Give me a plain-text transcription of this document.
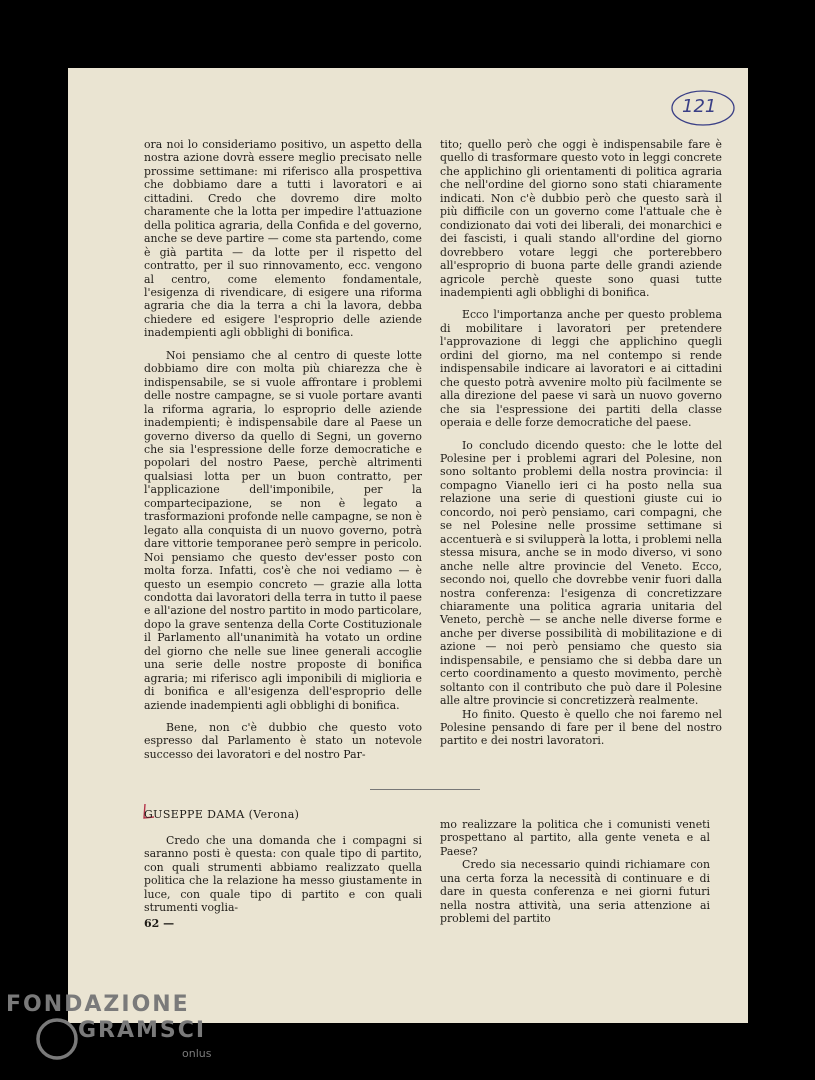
121

ora noi lo consideriamo positivo, un aspetto della nostra azione dovrà essere meglio precisato nelle prossime settimane: mi riferisco alla prospettiva che dobbiamo dare a tutti i lavoratori e ai cittadini. Credo che dovremo dire molto charamente che la lotta per impedire l'attuazione della politica agraria, della Confida e del governo, anche se deve partire — come sta partendo, come è già partita — da lotte per il rispetto del contratto, per il suo rinnovamento, ecc. vengono al centro, come elemento fondamentale, l'esigenza di rivendicare, di esigere una riforma agraria che dia la terra a chi la lavora, debba chiedere ed esigere l'esproprio delle aziende inadempienti agli obblighi di bonifica.

Noi pensiamo che al centro di queste lotte dobbiamo dire con molta più chiarezza che è indispensabile, se si vuole affrontare i problemi delle nostre campagne, se si vuole portare avanti la riforma agraria, lo esproprio delle aziende inadempienti; è indispensabile dare al Paese un governo diverso da quello di Segni, un governo che sia l'espressione delle forze democratiche e popolari del nostro Paese, perchè altrimenti qualsiasi lotta per un buon contratto, per l'applicazione dell'imponibile, per la compartecipazione, se non è legato a trasformazioni profonde nelle campagne, se non è legato alla conquista di un nuovo governo, potrà dare vittorie temporanee però sempre in pericolo. Noi pensiamo che questo dev'esser posto con molta forza. Infatti, cos'è che noi vediamo — è questo un esempio concreto — grazie alla lotta condotta dai lavoratori della terra in tutto il paese e all'azione del nostro partito in modo particolare, dopo la grave sentenza della Corte Costituzionale il Parlamento all'unanimità ha votato un ordine del giorno che nelle sue linee generali accoglie una serie delle nostre proposte di bonifica agraria; mi riferisco agli imponibili di miglioria e di bonifica e all'esigenza dell'esproprio delle aziende inadempienti agli obblighi di bonifica.

Bene, non c'è dubbio che questo voto espresso dal Parlamento è stato un notevole successo dei lavoratori e del nostro Par-

tito; quello però che oggi è indispensabile fare è quello di trasformare questo voto in leggi concrete che applichino gli orientamenti di politica agraria che nell'ordine del giorno sono stati chiaramente indicati. Non c'è dubbio però che questo sarà il più difficile con un governo come l'attuale che è condizionato dai voti dei liberali, dei monarchici e dei fascisti, i quali stando all'ordine del giorno dovrebbero votare leggi che porterebbero all'esproprio di buona parte delle grandi aziende agricole perchè queste sono quasi tutte inadempienti agli obblighi di bonifica.

Ecco l'importanza anche per questo problema di mobilitare i lavoratori per pretendere l'approvazione di leggi che applichino quegli ordini del giorno, ma nel contempo si rende indispensabile indicare ai lavoratori e ai cittadini che questo potrà avvenire molto più facilmente se alla direzione del paese vi sarà un nuovo governo che sia l'espressione dei partiti della classe operaia e delle forze democratiche del paese.

Io concludo dicendo questo: che le lotte del Polesine per i problemi agrari del Polesine, non sono soltanto problemi della nostra provincia: il compagno Vianello ieri ci ha posto nella sua relazione una serie di questioni giuste cui io concordo, noi però pensiamo, cari compagni, che se nel Polesine nelle prossime settimane si accentuerà e si svilupperà la lotta, i problemi nella stessa misura, anche se in modo diverso, vi sono anche nelle altre provincie del Veneto. Ecco, secondo noi, quello che dovrebbe venir fuori dalla nostra conferenza: l'esigenza di concretizzare chiaramente una politica agraria unitaria del Veneto, perchè — se anche nelle diverse forme e anche per diverse possibilità di mobilitazione e di azione — noi però pensiamo che questo sia indispensabile, e pensiamo che si debba dare un certo coordinamento a questo movimento, perchè soltanto con il contributo che può dare il Polesine alle altre provincie si concretizzerà realmente.

Ho finito. Questo è quello che noi faremo nel Polesine pensando di fare per il bene del nostro partito e dei nostri lavoratori.

GUSEPPE DAMA (Verona)

Credo che una domanda che i compagni si saranno posti è questa: con quale tipo di partito, con quali strumenti abbiamo realizzato quella politica che la relazione ha messo giustamente in luce, con quale tipo di partito e con quali strumenti voglia-

mo realizzare la politica che i comunisti veneti prospettano al partito, alla gente veneta e al Paese?

Credo sia necessario quindi richiamare con una certa forza la necessità di continuare e di dare in questa conferenza e nei giorni futuri nella nostra attività, una seria attenzione ai problemi del partito

62 —
FONDAZIONE
GRAMSCI
onlus
